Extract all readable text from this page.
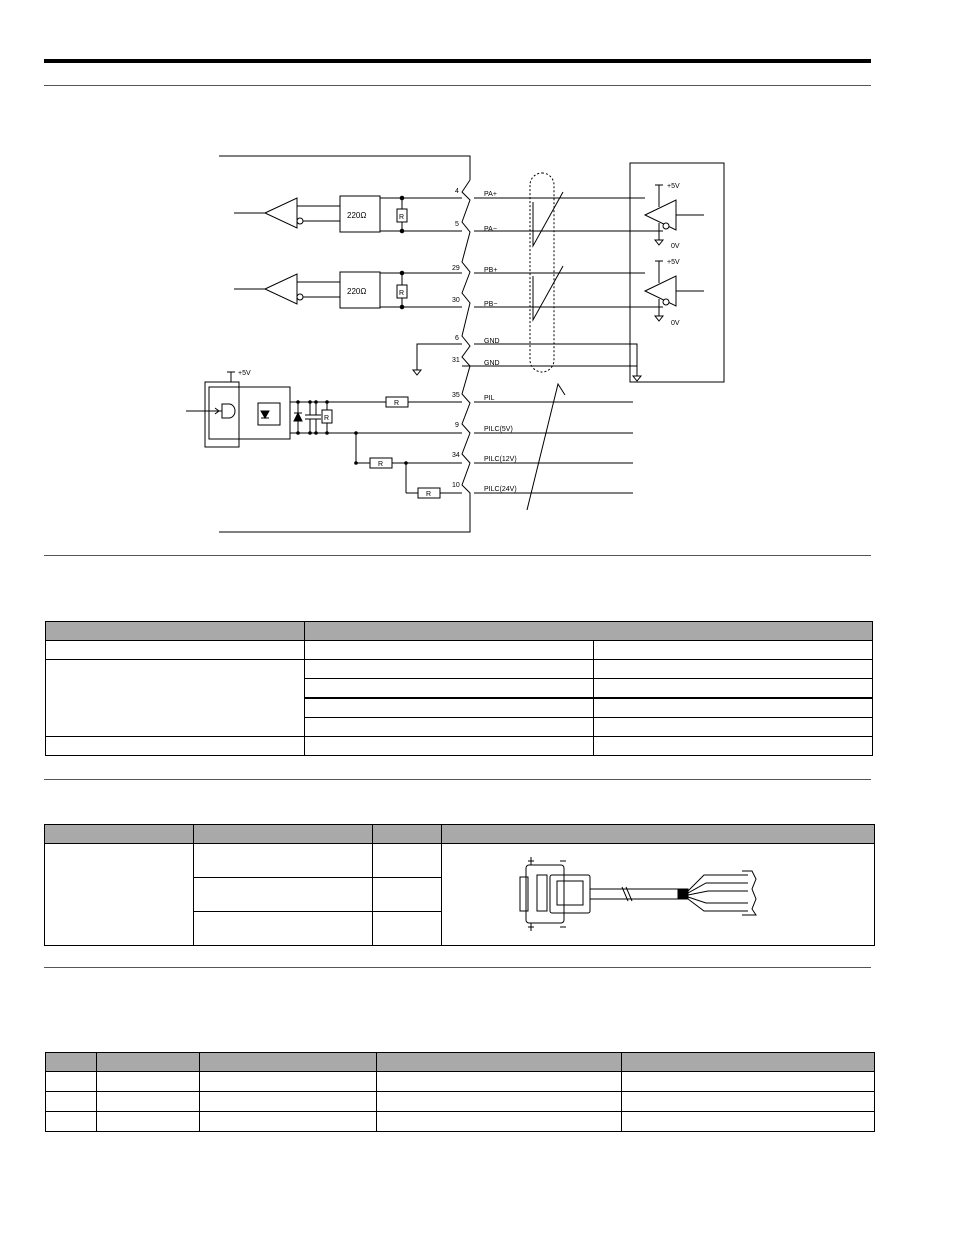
220Ω
220Ω
R
R
R
R
R
R
+5V
+5V
+5V
0V
0V
4	PA+
5
PA−
29	PB+
30
PB−
6	GND
31	GND
35	PIL
9
PILC(5V)
34
PILC(12V)
10
PILC(24V)
